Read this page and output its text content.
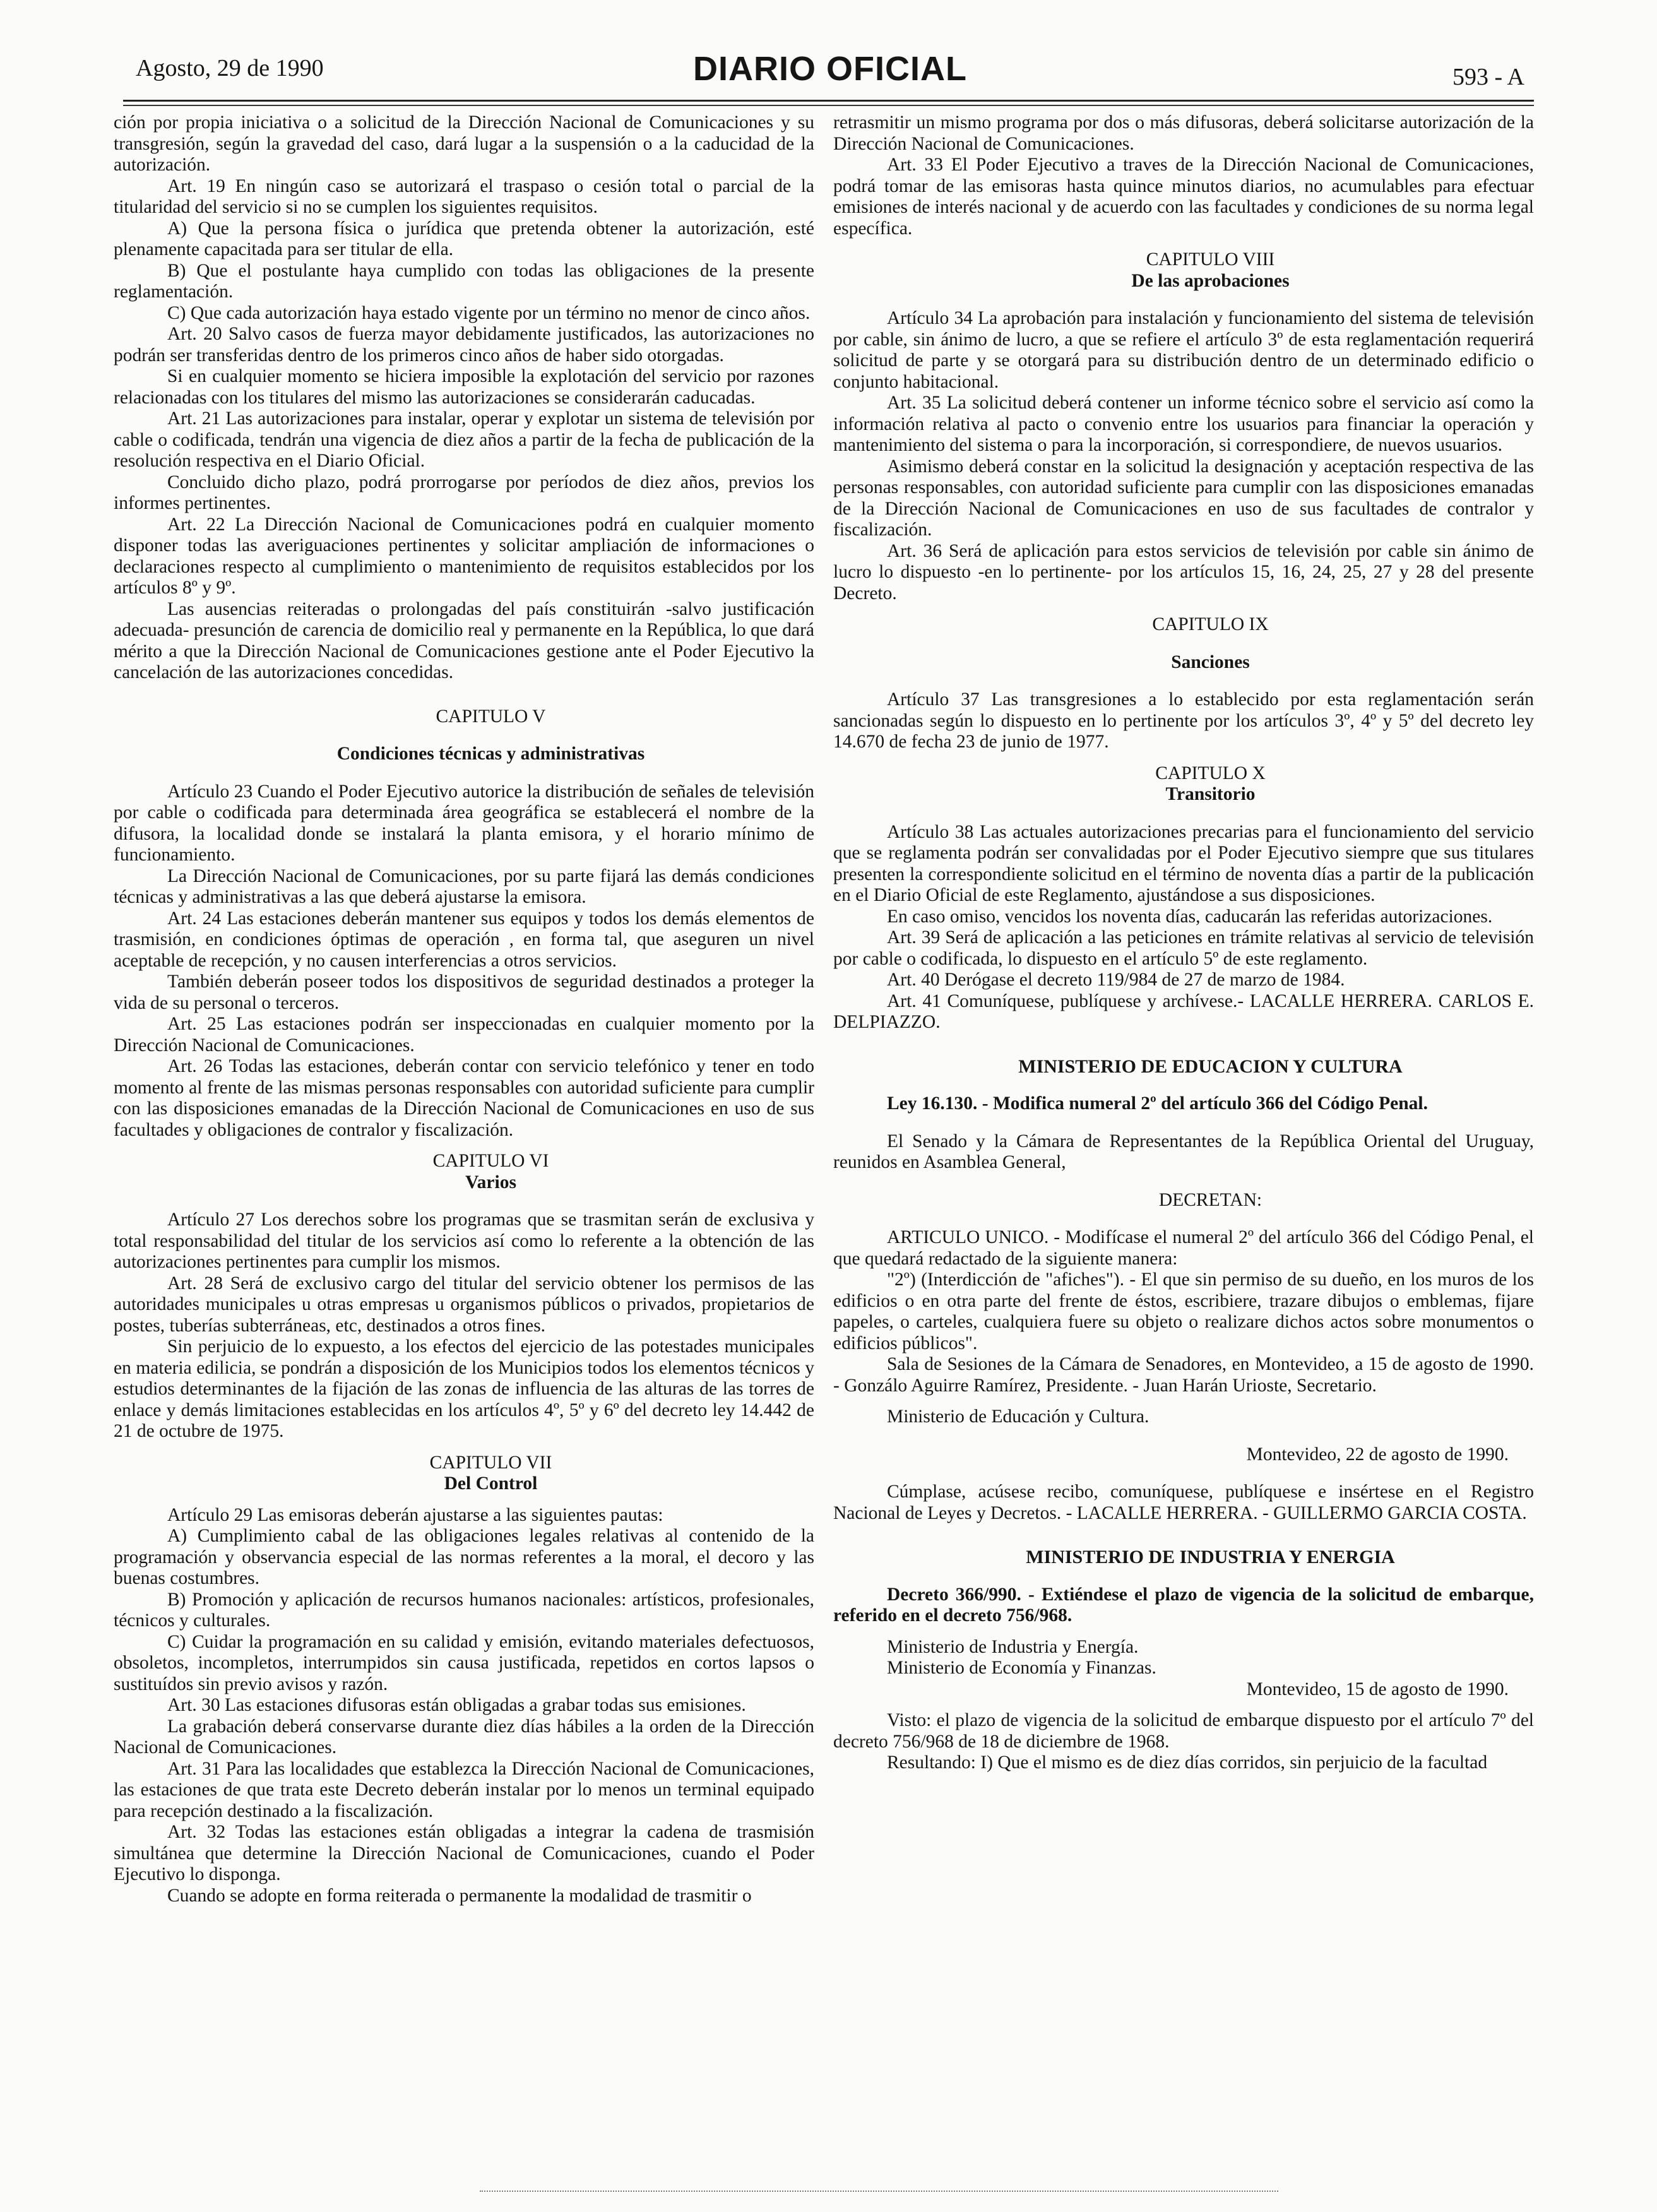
Agosto, 29 de 1990	DIARIO OFICIAL	593 - A

ción por propia iniciativa o a solicitud de la Dirección Nacional de Comunicaciones y su transgresión, según la gravedad del caso, dará lugar a la suspensión o a la caducidad de la autorización.

Art. 19 En ningún caso se autorizará el traspaso o cesión total o parcial de la titularidad del servicio si no se cumplen los siguientes requisitos.

A) Que la persona física o jurídica que pretenda obtener la autorización, esté plenamente capacitada para ser titular de ella.

B) Que el postulante haya cumplido con todas las obligaciones de la presente reglamentación.

C) Que cada autorización haya estado vigente por un término no menor de cinco años.

Art. 20 Salvo casos de fuerza mayor debidamente justificados, las autorizaciones no podrán ser transferidas dentro de los primeros cinco años de haber sido otorgadas.

Si en cualquier momento se hiciera imposible la explotación del servicio por razones relacionadas con los titulares del mismo las autorizaciones se considerarán caducadas.

Art. 21 Las autorizaciones para instalar, operar y explotar un sistema de televisión por cable o codificada, tendrán una vigencia de diez años a partir de la fecha de publicación de la resolución respectiva en el Diario Oficial.

Concluido dicho plazo, podrá prorrogarse por períodos de diez años, previos los informes pertinentes.

Art. 22 La Dirección Nacional de Comunicaciones podrá en cualquier momento disponer todas las averiguaciones pertinentes y solicitar ampliación de informaciones o declaraciones respecto al cumplimiento o mantenimiento de requisitos establecidos por los artículos 8º y 9º.

Las ausencias reiteradas o prolongadas del país constituirán -salvo justificación adecuada- presunción de carencia de domicilio real y permanente en la República, lo que dará mérito a que la Dirección Nacional de Comunicaciones gestione ante el Poder Ejecutivo la cancelación de las autorizaciones concedidas.

CAPITULO V

Condiciones técnicas y administrativas

Artículo 23 Cuando el Poder Ejecutivo autorice la distribución de señales de televisión por cable o codificada para determinada área geográfica se establecerá el nombre de la difusora, la localidad donde se instalará la planta emisora, y el horario mínimo de funcionamiento.

La Dirección Nacional de Comunicaciones, por su parte fijará las demás condiciones técnicas y administrativas a las que deberá ajustarse la emisora.

Art. 24 Las estaciones deberán mantener sus equipos y todos los demás elementos de trasmisión, en condiciones óptimas de operación , en forma tal, que aseguren un nivel aceptable de recepción, y no causen interferencias a otros servicios.

También deberán poseer todos los dispositivos de seguridad destinados a proteger la vida de su personal o terceros.

Art. 25 Las estaciones podrán ser inspeccionadas en cualquier momento por la Dirección Nacional de Comunicaciones.

Art. 26 Todas las estaciones, deberán contar con servicio telefónico y tener en todo momento al frente de las mismas personas responsables con autoridad suficiente para cumplir con las disposiciones emanadas de la Dirección Nacional de Comunicaciones en uso de sus facultades y obligaciones de contralor y fiscalización.

CAPITULO VI

Varios

Artículo 27 Los derechos sobre los programas que se trasmitan serán de exclusiva y total responsabilidad del titular de los servicios así como lo referente a la obtención de las autorizaciones pertinentes para cumplir los mismos.

Art. 28 Será de exclusivo cargo del titular del servicio obtener los permisos de las autoridades municipales u otras empresas u organismos públicos o privados, propietarios de postes, tuberías subterráneas, etc, destinados a otros fines.

Sin perjuicio de lo expuesto, a los efectos del ejercicio de las potestades municipales en materia edilicia, se pondrán a disposición de los Municipios todos los elementos técnicos y estudios determinantes de la fijación de las zonas de influencia de las alturas de las torres de enlace y demás limitaciones establecidas en los artículos 4º, 5º y 6º del decreto ley 14.442 de 21 de octubre de 1975.

CAPITULO VII

Del Control

Artículo 29 Las emisoras deberán ajustarse a las siguientes pautas:

A) Cumplimiento cabal de las obligaciones legales relativas al contenido de la programación y observancia especial de las normas referentes a la moral, el decoro y las buenas costumbres.

B) Promoción y aplicación de recursos humanos nacionales: artísticos, profesionales, técnicos y culturales.

C) Cuidar la programación en su calidad y emisión, evitando materiales defectuosos, obsoletos, incompletos, interrumpidos sin causa justificada, repetidos en cortos lapsos o sustituídos sin previo avisos y razón.

Art. 30 Las estaciones difusoras están obligadas a grabar todas sus emisiones.

La grabación deberá conservarse durante diez días hábiles a la orden de la Dirección Nacional de Comunicaciones.

Art. 31 Para las localidades que establezca la Dirección Nacional de Comunicaciones, las estaciones de que trata este Decreto deberán instalar por lo menos un terminal equipado para recepción destinado a la fiscalización.

Art. 32 Todas las estaciones están obligadas a integrar la cadena de trasmisión simultánea que determine la Dirección Nacional de Comunicaciones, cuando el Poder Ejecutivo lo disponga.

Cuando se adopte en forma reiterada o permanente la modalidad de trasmitir o

retrasmitir un mismo programa por dos o más difusoras, deberá solicitarse autorización de la Dirección Nacional de Comunicaciones.

Art. 33 El Poder Ejecutivo a traves de la Dirección Nacional de Comunicaciones, podrá tomar de las emisoras hasta quince minutos diarios, no acumulables para efectuar emisiones de interés nacional y de acuerdo con las facultades y condiciones de su norma legal específica.

CAPITULO VIII

De las aprobaciones

Artículo 34 La aprobación para instalación y funcionamiento del sistema de televisión por cable, sin ánimo de lucro, a que se refiere el artículo 3º de esta reglamentación requerirá solicitud de parte y se otorgará para su distribución dentro de un determinado edificio o conjunto habitacional.

Art. 35 La solicitud deberá contener un informe técnico sobre el servicio así como la información relativa al pacto o convenio entre los usuarios para financiar la operación y mantenimiento del sistema o para la incorporación, si correspondiere, de nuevos usuarios.

Asimismo deberá constar en la solicitud la designación y aceptación respectiva de las personas responsables, con autoridad suficiente para cumplir con las disposiciones emanadas de la Dirección Nacional de Comunicaciones en uso de sus facultades de contralor y fiscalización.

Art. 36 Será de aplicación para estos servicios de televisión por cable sin ánimo de lucro lo dispuesto -en lo pertinente- por los artículos 15, 16, 24, 25, 27 y 28 del presente Decreto.

CAPITULO IX

Sanciones

Artículo 37 Las transgresiones a lo establecido por esta reglamentación serán sancionadas según lo dispuesto en lo pertinente por los artículos 3º, 4º y 5º del decreto ley 14.670 de fecha 23 de junio de 1977.

CAPITULO X

Transitorio

Artículo 38 Las actuales autorizaciones precarias para el funcionamiento del servicio que se reglamenta podrán ser convalidadas por el Poder Ejecutivo siempre que sus titulares presenten la correspondiente solicitud en el término de noventa días a partir de la publicación en el Diario Oficial de este Reglamento, ajustándose a sus disposiciones.

En caso omiso, vencidos los noventa días, caducarán las referidas autorizaciones.

Art. 39 Será de aplicación a las peticiones en trámite relativas al servicio de televisión por cable o codificada, lo dispuesto en el artículo 5º de este reglamento.

Art. 40 Derógase el decreto 119/984 de 27 de marzo de 1984.

Art. 41 Comuníquese, publíquese y archívese.- LACALLE HERRERA. CARLOS E. DELPIAZZO.

MINISTERIO DE EDUCACION Y CULTURA

Ley 16.130. - Modifica numeral 2º del artículo 366 del Código Penal.

El Senado y la Cámara de Representantes de la República Oriental del Uruguay, reunidos en Asamblea General,

DECRETAN:

ARTICULO UNICO. - Modifícase el numeral 2º del artículo 366 del Código Penal, el que quedará redactado de la siguiente manera:

"2º) (Interdicción de "afiches"). - El que sin permiso de su dueño, en los muros de los edificios o en otra parte del frente de éstos, escribiere, trazare dibujos o emblemas, fijare papeles, o carteles, cualquiera fuere su objeto o realizare dichos actos sobre monumentos o edificios públicos".

Sala de Sesiones de la Cámara de Senadores, en Montevideo, a 15 de agosto de 1990. - Gonzálo Aguirre Ramírez, Presidente. - Juan Harán Urioste, Secretario.

Ministerio de Educación y Cultura.

Montevideo, 22 de agosto de 1990.

Cúmplase, acúsese recibo, comuníquese, publíquese e insértese en el Registro Nacional de Leyes y Decretos. - LACALLE HERRERA. - GUILLERMO GARCIA COSTA.

MINISTERIO DE INDUSTRIA Y ENERGIA

Decreto 366/990. - Extiéndese el plazo de vigencia de la solicitud de embarque, referido en el decreto 756/968.

Ministerio de Industria y Energía.

Ministerio de Economía y Finanzas.

Montevideo, 15 de agosto de 1990.

Visto: el plazo de vigencia de la solicitud de embarque dispuesto por el artículo 7º del decreto 756/968 de 18 de diciembre de 1968.

Resultando: I) Que el mismo es de diez días corridos, sin perjuicio de la facultad
